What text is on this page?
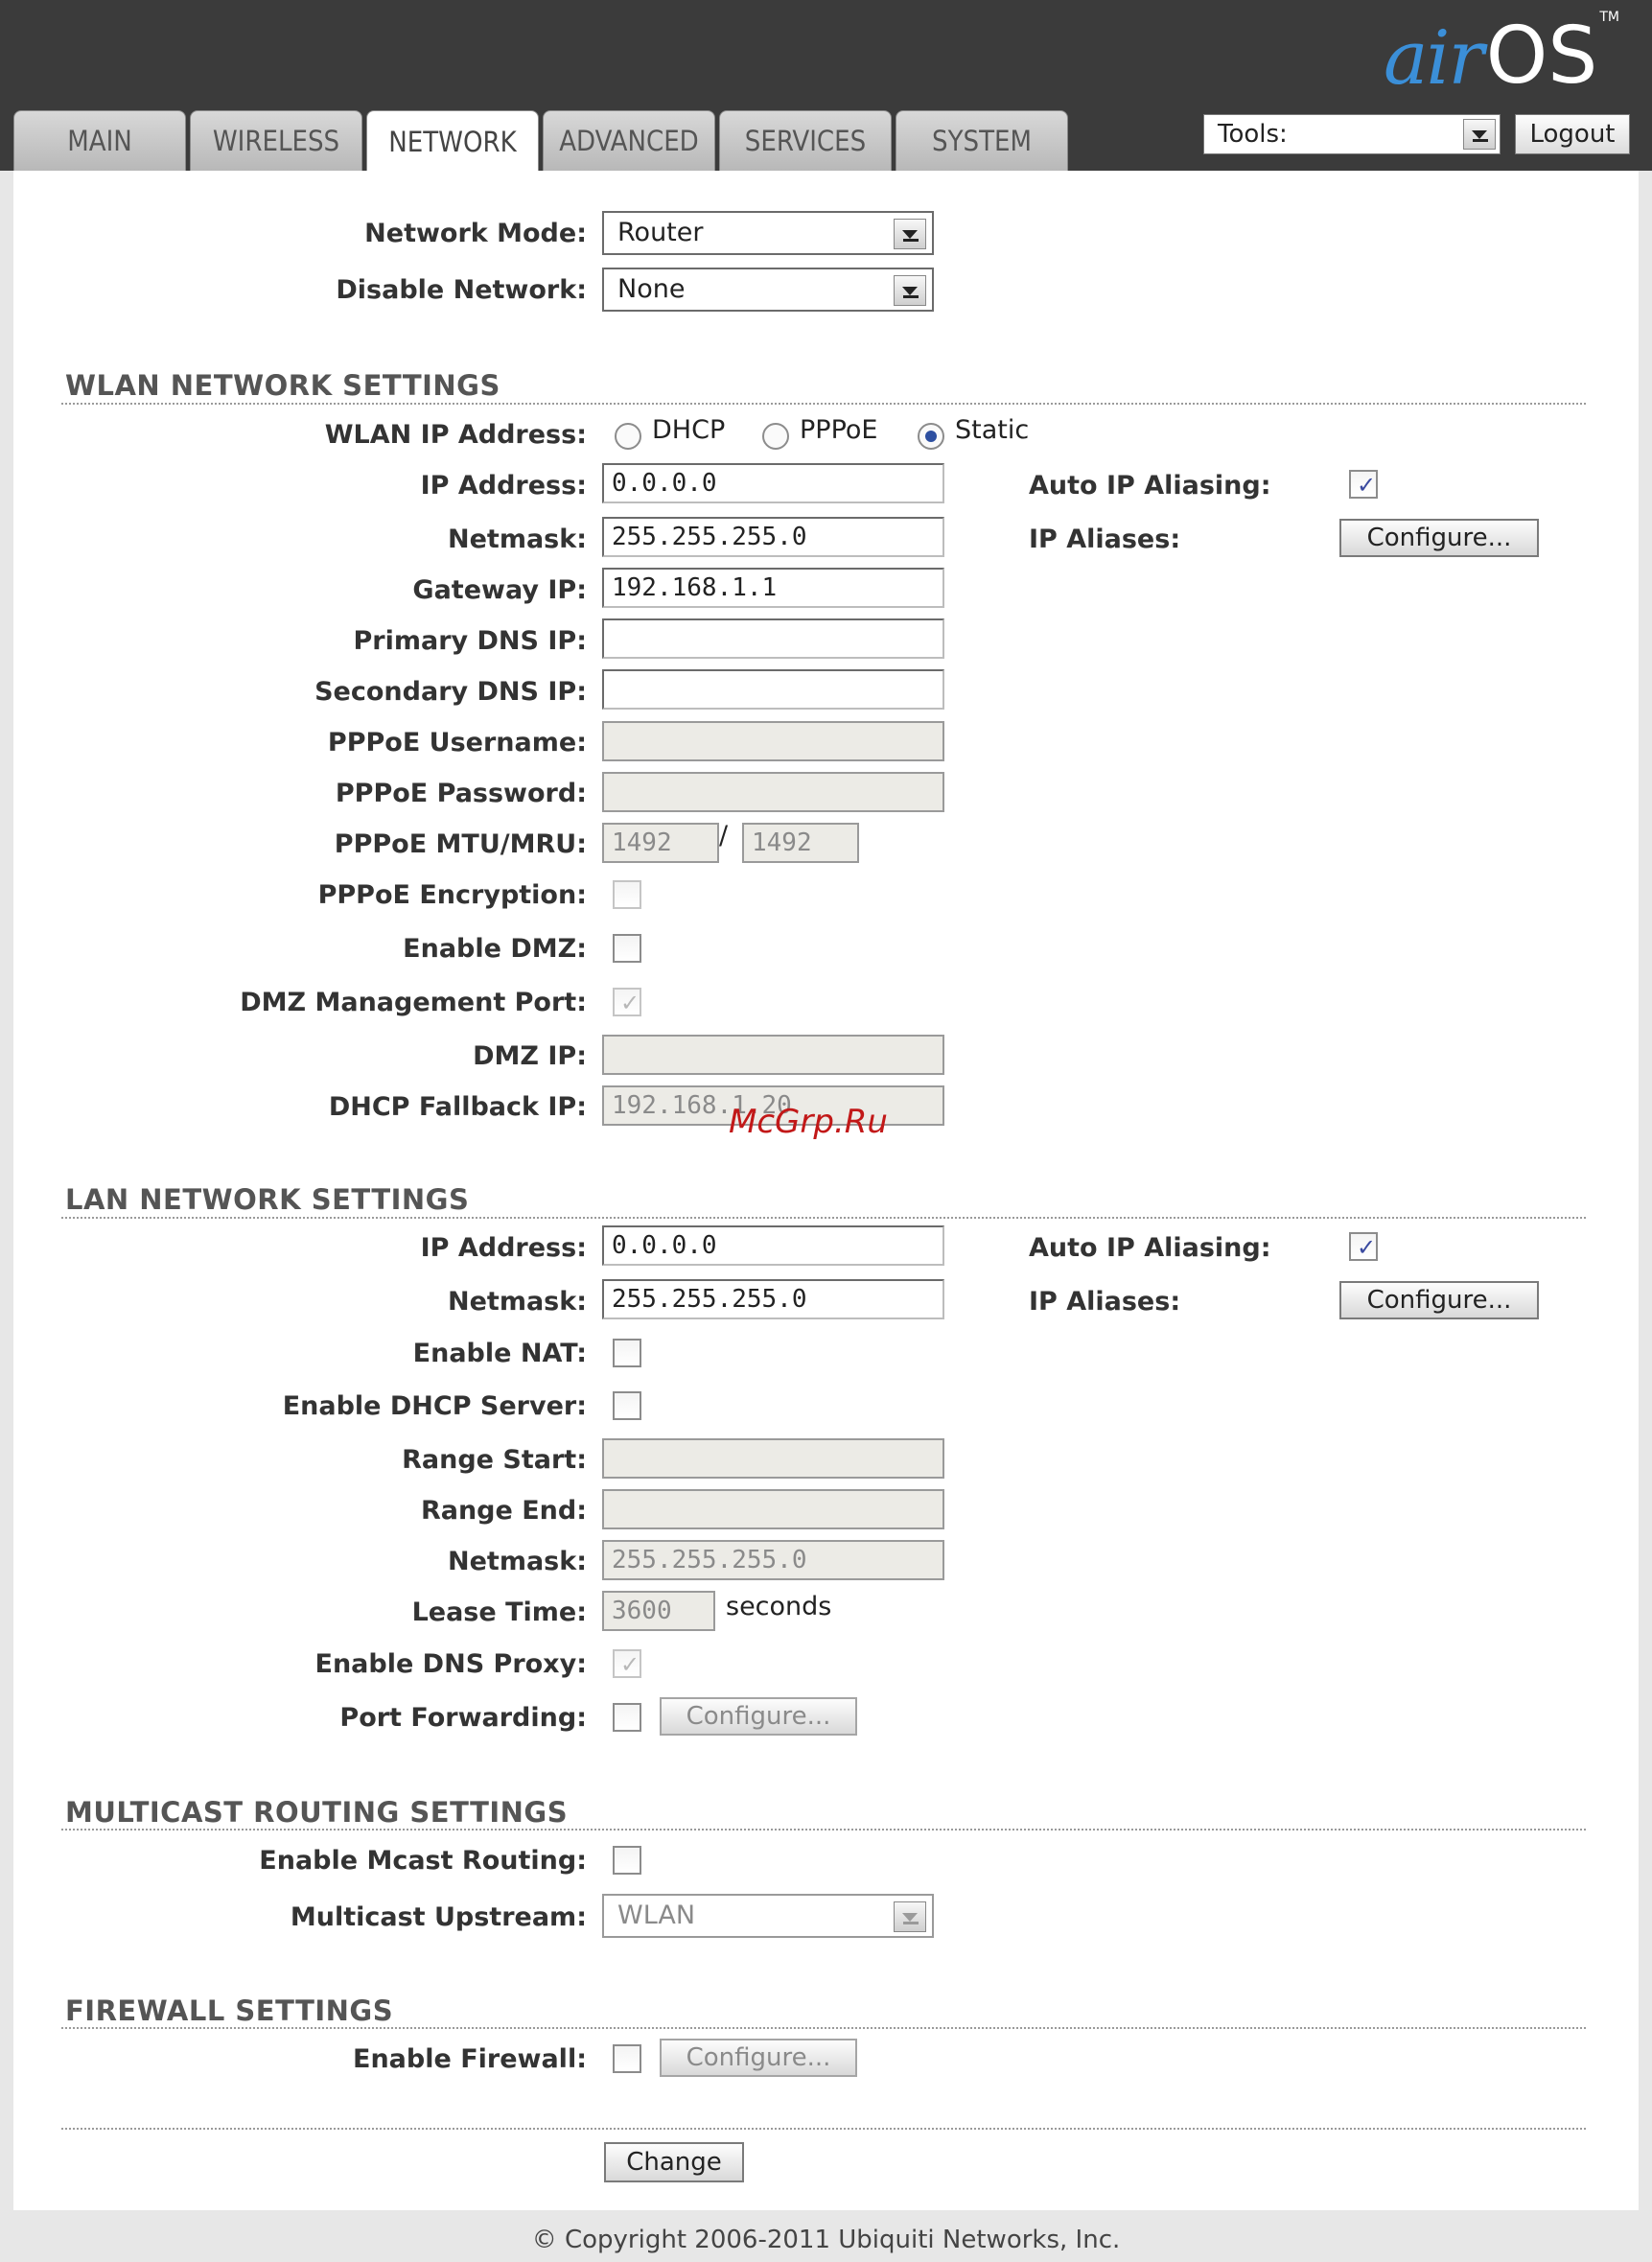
air OS TM
MAIN	WIRELESS	NETWORK	ADVANCED	SERVICES	SYSTEM	Tools:	Logout
Network Mode:	Router
Disable Network:	None
WLAN NETWORK SETTINGS
WLAN IP Address:	DHCP	PPPoE	Static
IP Address:	0.0.0.0	Auto IP Aliasing:	✓
Netmask:	255.255.255.0	IP Aliases:	Configure...
Gateway IP:	192.168.1.1
Primary DNS IP:
Secondary DNS IP:
PPPoE Username:
PPPoE Password:
PPPoE MTU/MRU:	1492	/ 1492
PPPoE Encryption:
Enable DMZ:
DMZ Management Port: ✓
DMZ IP:
DHCP Fallback IP:	192.168.1.20
McGrp.Ru
LAN NETWORK SETTINGS
IP Address:	0.0.0.0	Auto IP Aliasing:	✓
Netmask:	255.255.255.0	IP Aliases:	Configure...
Enable NAT:
Enable DHCP Server:
Range Start:
Range End:
Netmask:	255.255.255.0
Lease Time:	3600	seconds
Enable DNS Proxy: ✓
Port Forwarding:	Configure...
MULTICAST ROUTING SETTINGS
Enable Mcast Routing:
Multicast Upstream:	WLAN
FIREWALL SETTINGS
Enable Firewall:	Configure...
Change
© Copyright 2006-2011 Ubiquiti Networks, Inc.
